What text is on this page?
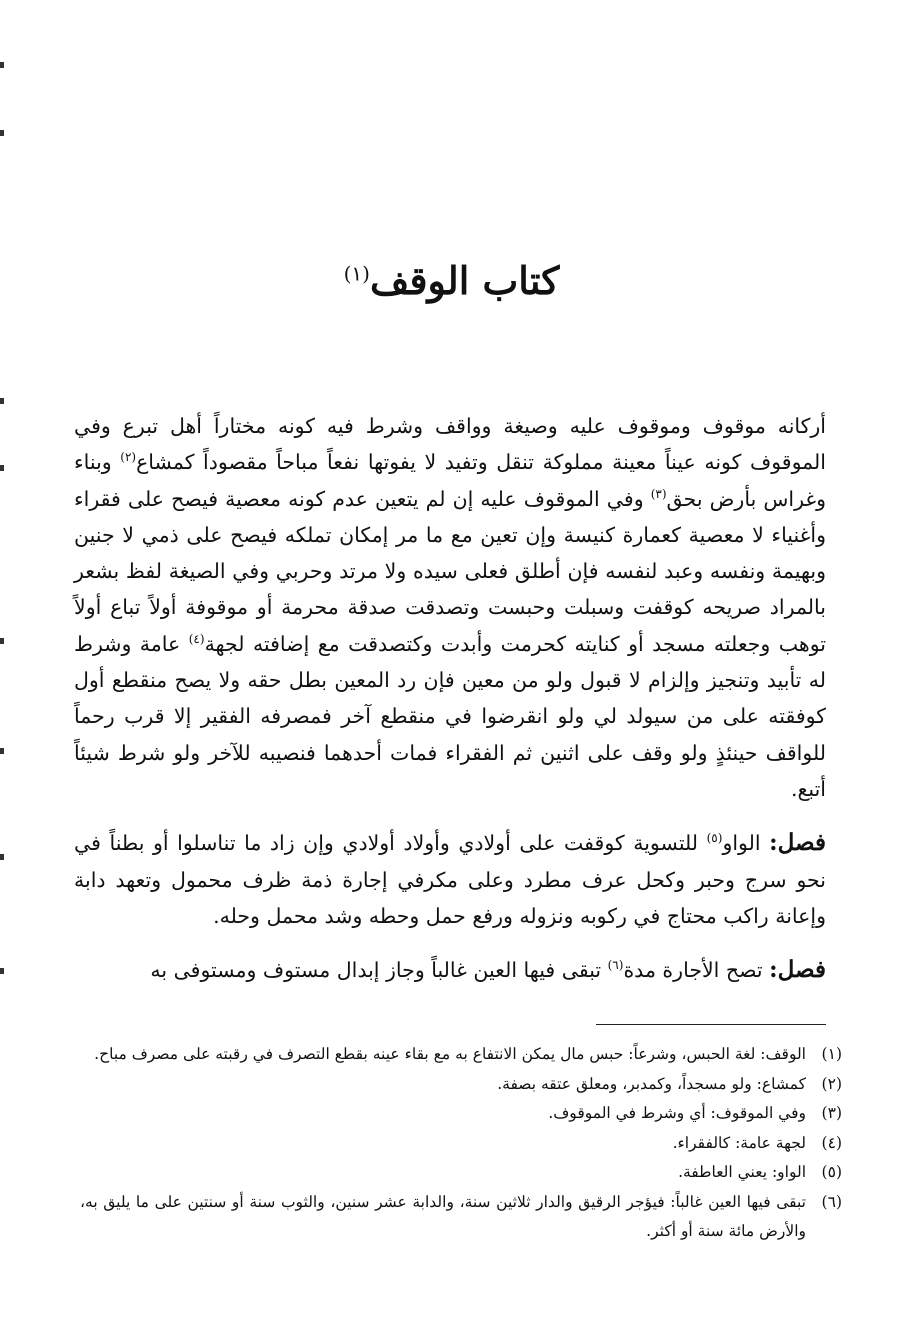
كتاب الوقف$^{(١)}$

أركانه موقوف وموقوف عليه وصيغة وواقف وشرط فيه كونه مختاراً أهل تبرع وفي الموقوف كونه عيناً معينة مملوكة تنقل وتفيد لا يفوتها نفعاً مباحاً مقصوداً كمشاع$^{(٢)}$ وبناء وغراس بأرض بحق$^{(٣)}$ وفي الموقوف عليه إن لم يتعين عدم كونه معصية فيصح على فقراء وأغنياء لا معصية كعمارة كنيسة وإن تعين مع ما مر إمكان تملكه فيصح على ذمي لا جنين وبهيمة ونفسه وعبد لنفسه فإن أطلق فعلى سيده ولا مرتد وحربي وفي الصيغة لفظ بشعر بالمراد صريحه كوقفت وسبلت وحبست وتصدقت صدقة محرمة أو موقوفة أولاً تباع أولاً توهب وجعلته مسجد أو كنايته كحرمت وأبدت وكتصدقت مع إضافته لجهة$^{(٤)}$ عامة وشرط له تأبيد وتنجيز وإلزام لا قبول ولو من معين فإن رد المعين بطل حقه ولا يصح منقطع أول كوفقته على من سيولد لي ولو انقرضوا في منقطع آخر فمصرفه الفقير إلا قرب رحماً للواقف حينئذٍ ولو وقف على اثنين ثم الفقراء فمات أحدهما فنصيبه للآخر ولو شرط شيئاً أتبع.

فصل: الواو$^{(٥)}$ للتسوية كوقفت على أولادي وأولاد أولادي وإن زاد ما تناسلوا أو بطناً في نحو سرج وحبر وكحل عرف مطرد وعلى مكرفي إجارة ذمة ظرف محمول وتعهد دابة وإعانة راكب محتاج في ركوبه ونزوله ورفع حمل وحطه وشد محمل وحله.

فصل: تصح الأجارة مدة$^{(٦)}$ تبقى فيها العين غالباً وجاز إبدال مستوف ومستوفى به

(١)
الوقف: لغة الحبس، وشرعاً: حبس مال يمكن الانتفاع به مع بقاء عينه بقطع التصرف في رقبته على مصرف مباح.
(٢)
كمشاع: ولو مسجداً، وكمدبر، ومعلق عتقه بصفة.
(٣)
وفي الموقوف: أي وشرط في الموقوف.
(٤)
لجهة عامة: كالفقراء.
(٥)
الواو: يعني العاطفة.
(٦)
تبقى فيها العين غالباً: فيؤجر الرقيق والدار ثلاثين سنة، والدابة عشر سنين، والثوب سنة أو سنتين على ما يليق به، والأرض مائة سنة أو أكثر.
